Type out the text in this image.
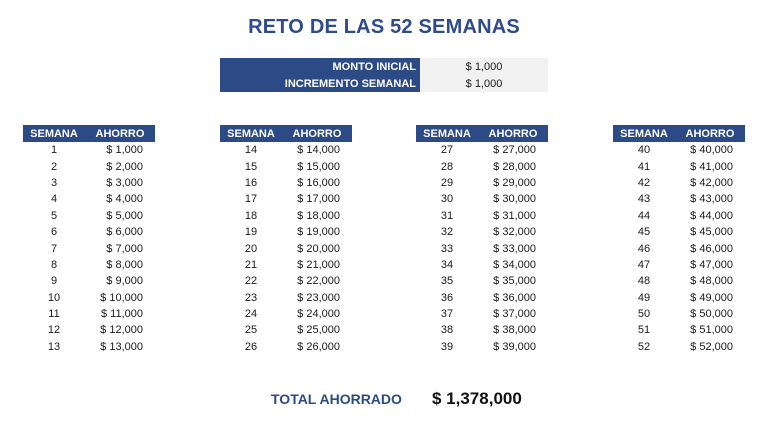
RETO DE LAS 52 SEMANAS
MONTO INICIAL	$ 1,000
INCREMENTO SEMANAL	$ 1,000
SEMANA	AHORRO
1	$ 1,000
2	$ 2,000
3	$ 3,000
4	$ 4,000
5	$ 5,000
6	$ 6,000
7	$ 7,000
8	$ 8,000
9	$ 9,000
10	$ 10,000
11	$ 11,000
12	$ 12,000
13	$ 13,000
SEMANA	AHORRO
14	$ 14,000
15	$ 15,000
16	$ 16,000
17	$ 17,000
18	$ 18,000
19	$ 19,000
20	$ 20,000
21	$ 21,000
22	$ 22,000
23	$ 23,000
24	$ 24,000
25	$ 25,000
26	$ 26,000
SEMANA	AHORRO
27	$ 27,000
28	$ 28,000
29	$ 29,000
30	$ 30,000
31	$ 31,000
32	$ 32,000
33	$ 33,000
34	$ 34,000
35	$ 35,000
36	$ 36,000
37	$ 37,000
38	$ 38,000
39	$ 39,000
SEMANA	AHORRO
40	$ 40,000
41	$ 41,000
42	$ 42,000
43	$ 43,000
44	$ 44,000
45	$ 45,000
46	$ 46,000
47	$ 47,000
48	$ 48,000
49	$ 49,000
50	$ 50,000
51	$ 51,000
52	$ 52,000
TOTAL AHORRADO $ 1,378,000
